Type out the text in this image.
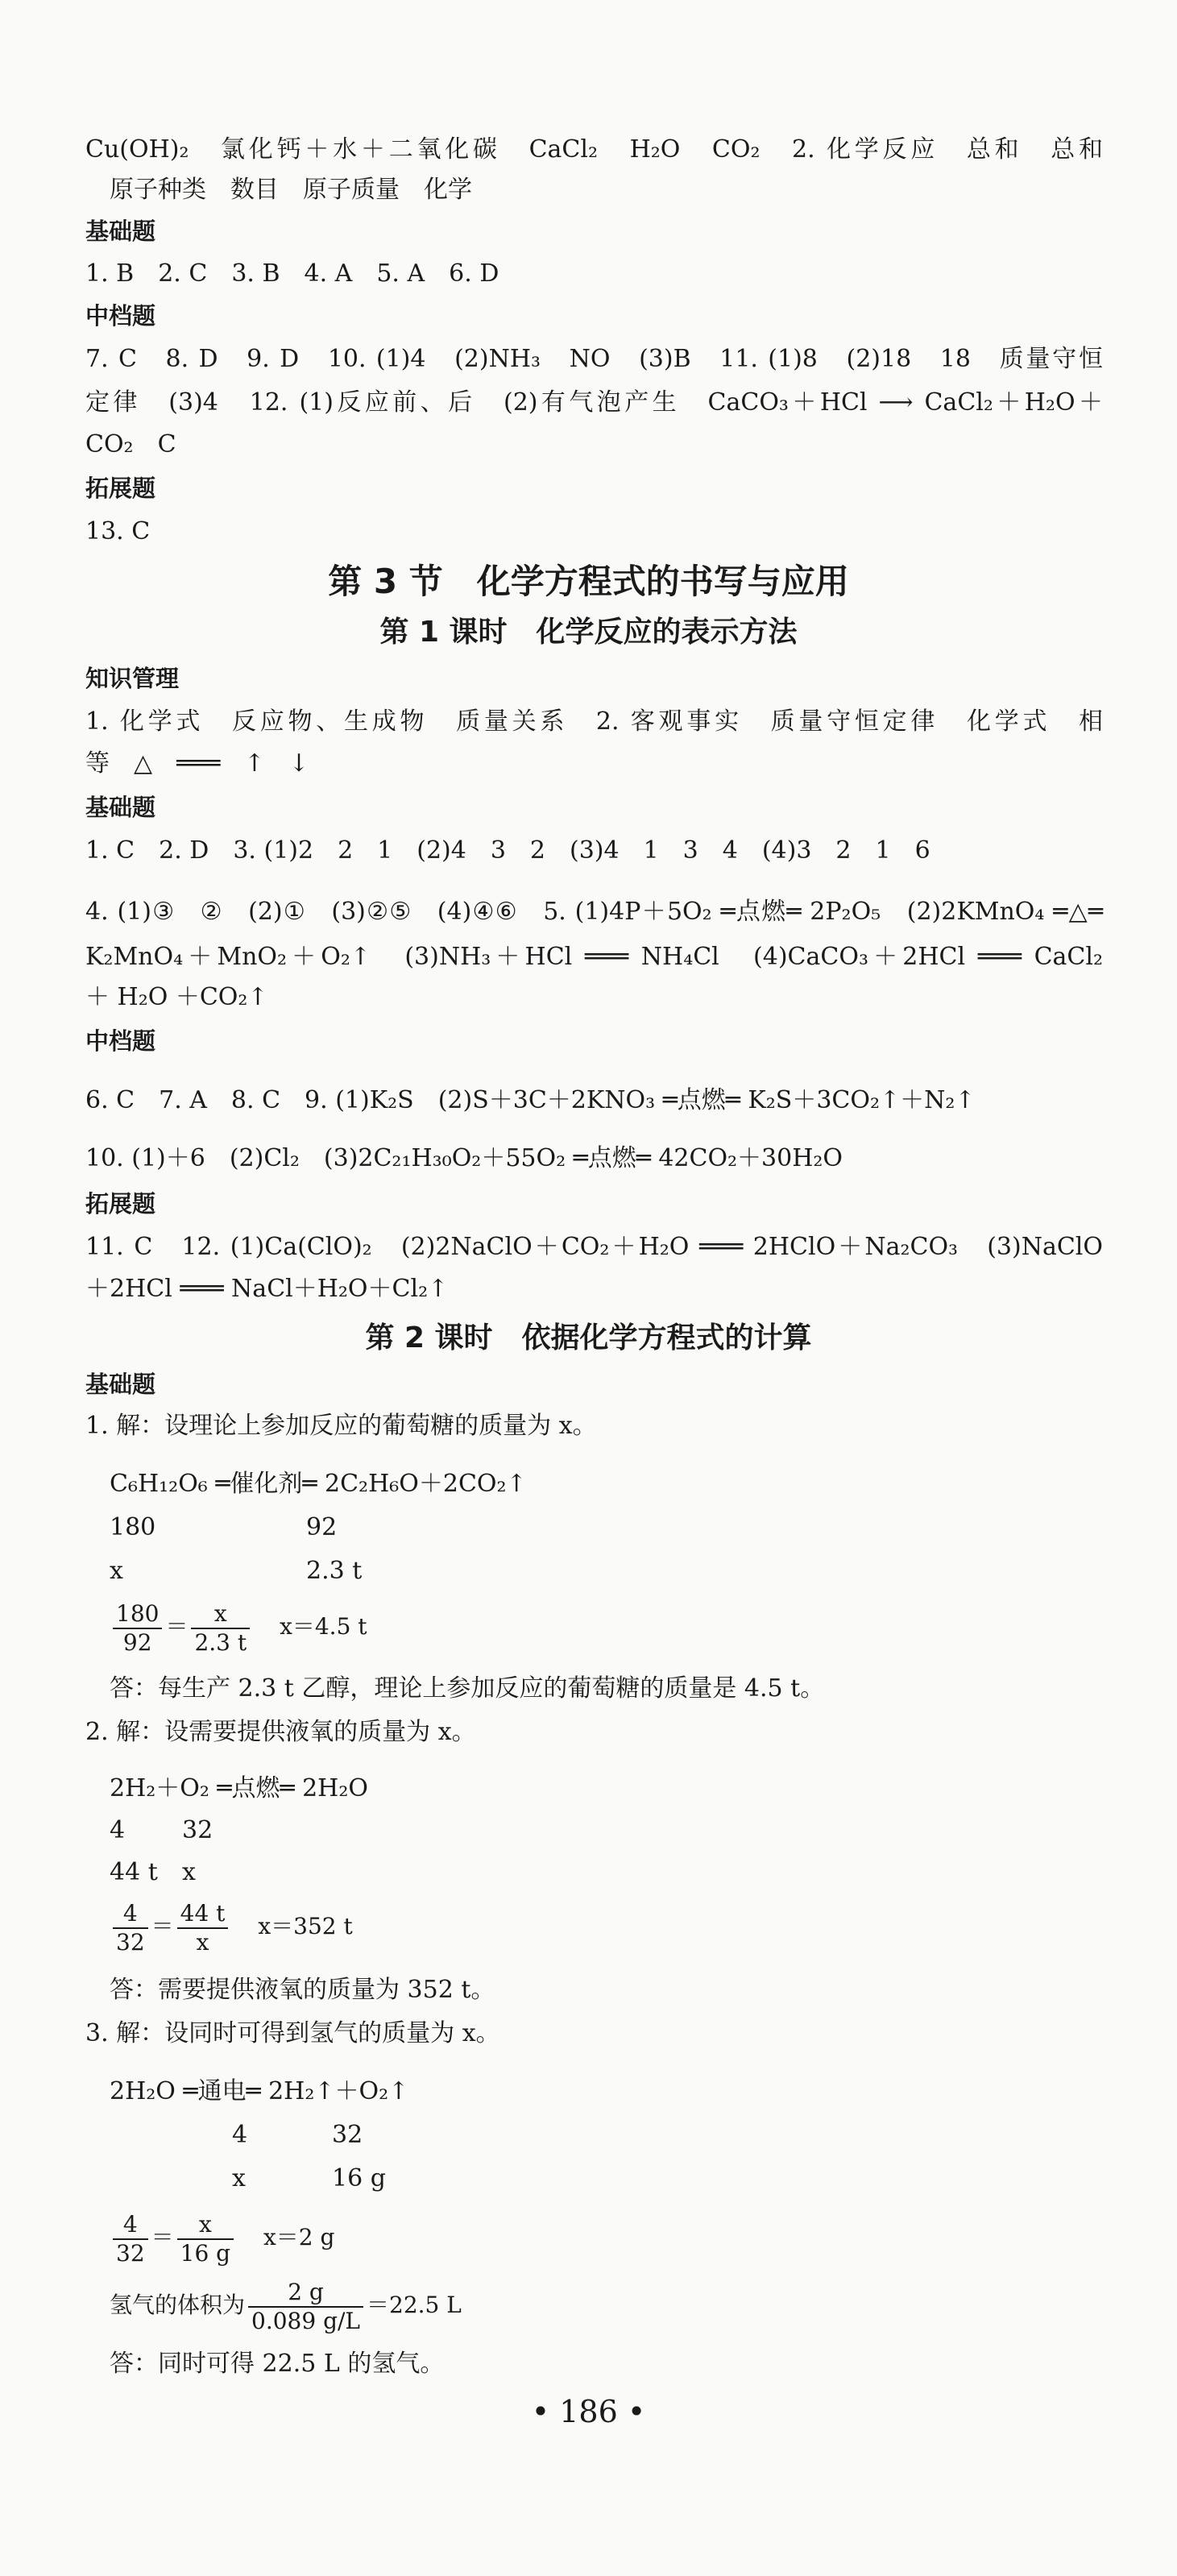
Cu(OH)₂　氯化钙＋水＋二氧化碳　CaCl₂　H₂O　CO₂　2. 化学反应　总和　总和
原子种类　数目　原子质量　化学
基础题
1. B　2. C　3. B　4. A　5. A　6. D
中档题
7. C　8. D　9. D　10. (1)4　(2)NH₃　NO　(3)B　11. (1)8　(2)18　18　质量守恒
定律　(3)4　12. (1)反应前、后　(2)有气泡产生　CaCO₃＋HCl ⟶ CaCl₂＋H₂O＋
CO₂　C
拓展题
13. C
第 3 节　化学方程式的书写与应用
第 1 课时　化学反应的表示方法
知识管理
1. 化学式　反应物、生成物　质量关系　2. 客观事实　质量守恒定律　化学式　相
等　△　═══　↑　↓
基础题
1. C　2. D　3. (1)2　2　1　(2)4　3　2　(3)4　1　3　4　(4)3　2　1　6
4. (1)③　②　(2)①　(3)②⑤　(4)④⑥　5. (1)4P＋5O₂ ═点燃═ 2P₂O₅　(2)2KMnO₄ ═△═
K₂MnO₄＋MnO₂＋O₂↑　(3)NH₃＋HCl ═══ NH₄Cl　(4)CaCO₃＋2HCl ═══ CaCl₂
＋ H₂O ＋CO₂↑
中档题
6. C　7. A　8. C　9. (1)K₂S　(2)S＋3C＋2KNO₃ ═点燃═ K₂S＋3CO₂↑＋N₂↑
10. (1)＋6　(2)Cl₂　(3)2C₂₁H₃₀O₂＋55O₂ ═点燃═ 42CO₂＋30H₂O
拓展题
11. C　12. (1)Ca(ClO)₂　(2)2NaClO＋CO₂＋H₂O ═══ 2HClO＋Na₂CO₃　(3)NaClO
＋2HCl ═══ NaCl＋H₂O＋Cl₂↑
第 2 课时　依据化学方程式的计算
基础题
1. 解：设理论上参加反应的葡萄糖的质量为 x。
C₆H₁₂O₆ ═催化剂═ 2C₂H₆O＋2CO₂↑
180	92
x	2.3 t
$\frac{180}{92} = \frac{x}{2.3 t} x=4.5$ t
答：每生产 2.3 t 乙醇，理论上参加反应的葡萄糖的质量是 4.5 t。
2. 解：设需要提供液氧的质量为 x。
2H₂＋O₂ ═点燃═ 2H₂O
4 32
44 t x
$\frac{4}{32} = \frac{44 t}{x} x=352$ t
答：需要提供液氧的质量为 352 t。
3. 解：设同时可得到氢气的质量为 x。
2H₂O ═通电═ 2H₂↑＋O₂↑
4	32
x	16 g
$\frac{4}{32} = \frac{x}{16 g} x=2$ g
氢气的体积为 $\frac{2 g}{0.089 g/L} =22.5$ L
答：同时可得 22.5 L 的氢气。
• 186 •
